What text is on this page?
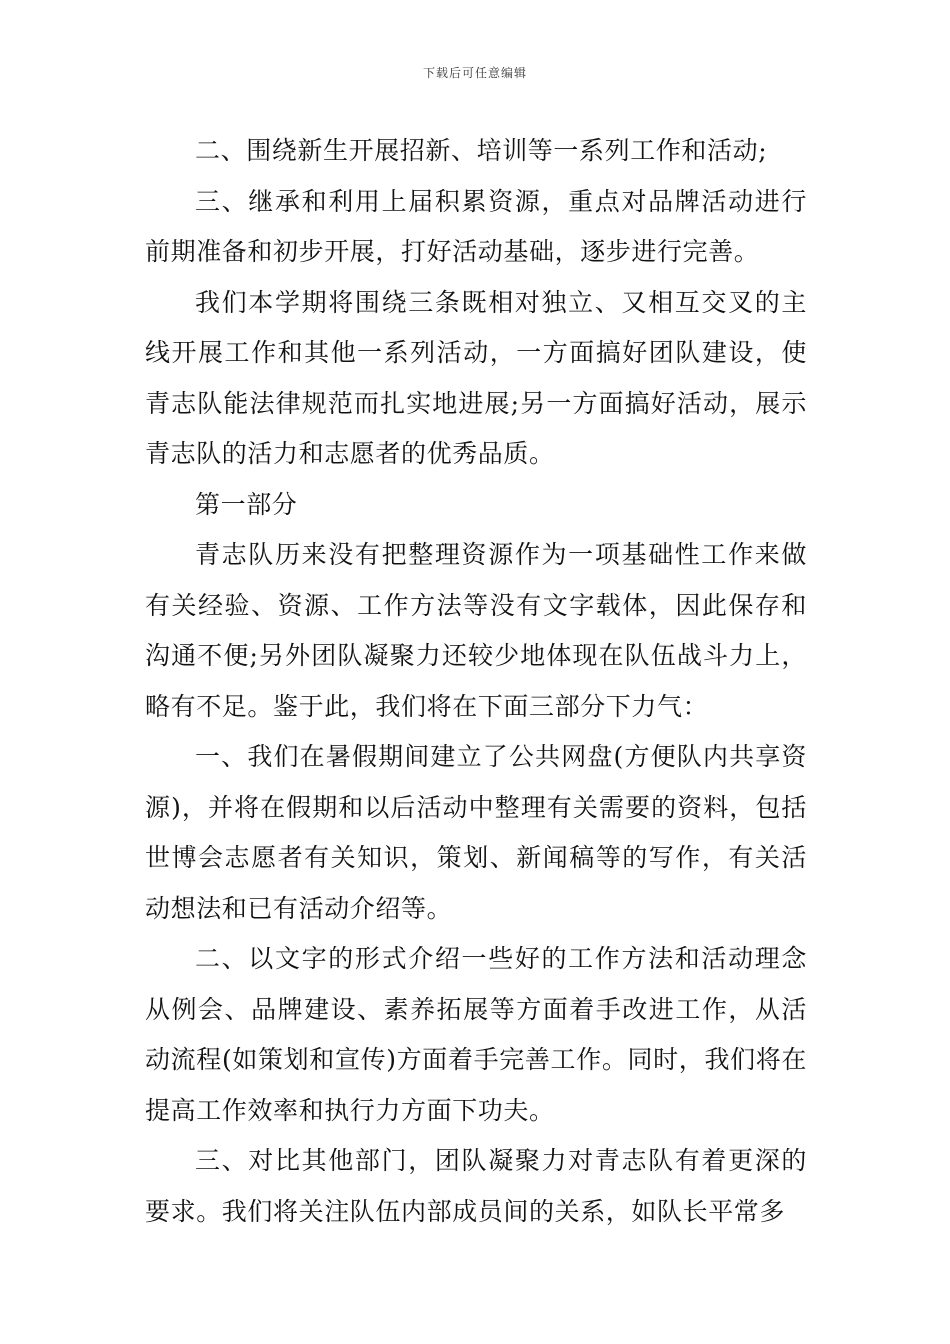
下载后可任意编辑

二、围绕新生开展招新、培训等一系列工作和活动;

三、继承和利用上届积累资源，重点对品牌活动进行前期准备和初步开展，打好活动基础，逐步进行完善。

我们本学期将围绕三条既相对独立、又相互交叉的主线开展工作和其他一系列活动，一方面搞好团队建设，使青志队能法律规范而扎实地进展;另一方面搞好活动，展示青志队的活力和志愿者的优秀品质。

第一部分

青志队历来没有把整理资源作为一项基础性工作来做有关经验、资源、工作方法等没有文字载体，因此保存和沟通不便;另外团队凝聚力还较少地体现在队伍战斗力上，略有不足。鉴于此，我们将在下面三部分下力气：

一、我们在暑假期间建立了公共网盘(方便队内共享资源)，并将在假期和以后活动中整理有关需要的资料，包括世博会志愿者有关知识，策划、新闻稿等的写作，有关活动想法和已有活动介绍等。

二、以文字的形式介绍一些好的工作方法和活动理念从例会、品牌建设、素养拓展等方面着手改进工作，从活动流程(如策划和宣传)方面着手完善工作。同时，我们将在提高工作效率和执行力方面下功夫。

三、对比其他部门，团队凝聚力对青志队有着更深的要求。我们将关注队伍内部成员间的关系，如队长平常多
